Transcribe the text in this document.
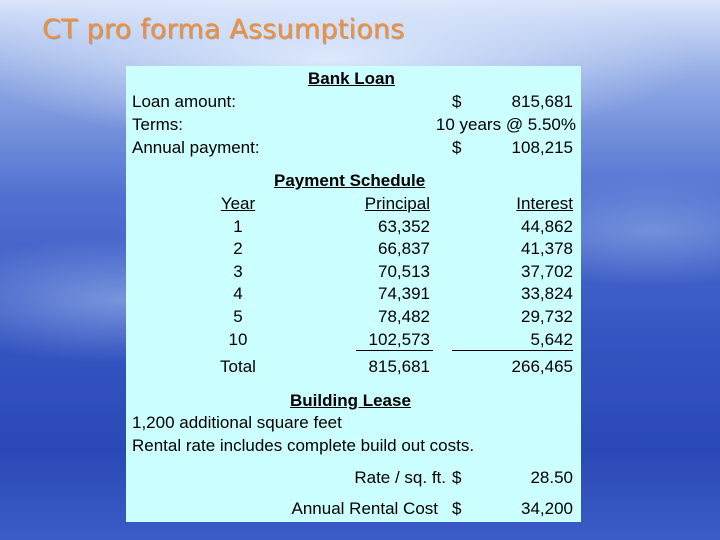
CT pro forma Assumptions
Bank Loan
Loan amount:	$	815,681
Terms:	10 years @ 5.50%
Annual payment:	$	108,215
Payment Schedule
Year	Principal	Interest
1	63,352	44,862
2	66,837	41,378
3	70,513	37,702
4	74,391	33,824
5	78,482	29,732
10	102,573	5,642
Total	815,681	266,465
Building Lease
1,200 additional square feet
Rental rate includes complete build out costs.
Rate / sq. ft. $	28.50
Annual Rental Cost $	34,200
